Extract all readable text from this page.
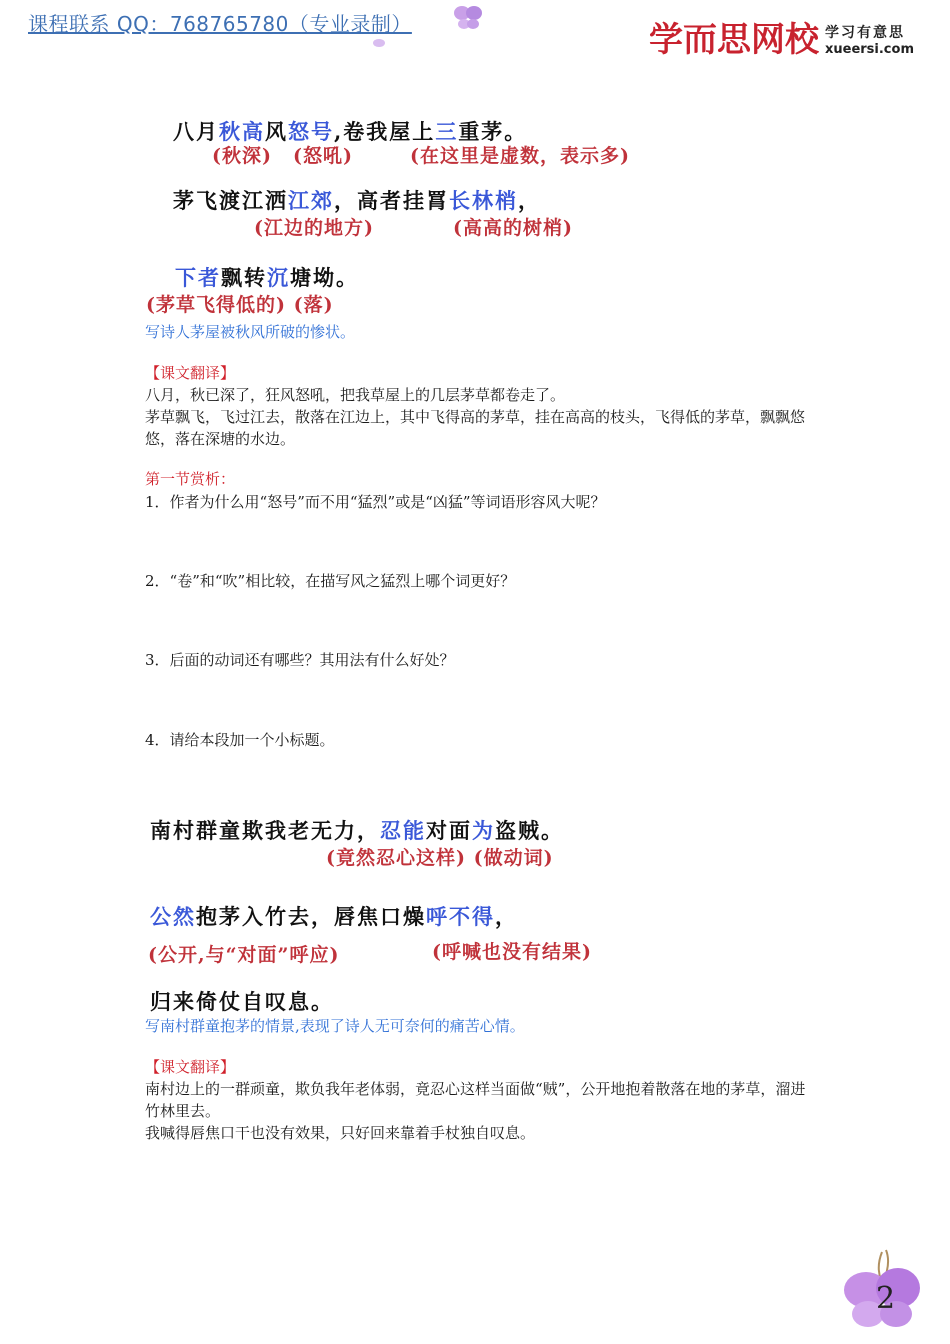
课程联系 QQ：768765780（专业录制）	学而思网校 学习有意思
xueersi.com
八月秋高风怒号,卷我屋上三重茅。
(秋深) (怒吼)	(在这里是虚数，表示多)
茅飞渡江洒江郊，高者挂罥长林梢，
(江边的地方)	(高高的树梢)
下者飘转沉塘坳。
(茅草飞得低的) (落)
写诗人茅屋被秋风所破的惨状。
【课文翻译】
八月，秋已深了，狂风怒吼，把我草屋上的几层茅草都卷走了。
茅草飘飞，飞过江去，散落在江边上，其中飞得高的茅草，挂在高高的枝头，飞得低的茅草，飘飘悠悠，落在深塘的水边。
第一节赏析：
1．作者为什么用“怒号”而不用“猛烈”或是“凶猛”等词语形容风大呢？
2．“卷”和“吹”相比较，在描写风之猛烈上哪个词更好？
3．后面的动词还有哪些？其用法有什么好处？
4．请给本段加一个小标题。
南村群童欺我老无力，忍能对面为盗贼。
(竟然忍心这样) (做动词)
公然抱茅入竹去，唇焦口燥呼不得，
(公开,与“对面”呼应)	(呼喊也没有结果)
归来倚仗自叹息。
写南村群童抱茅的情景,表现了诗人无可奈何的痛苦心情。
【课文翻译】
南村边上的一群顽童，欺负我年老体弱，竟忍心这样当面做“贼”，公开地抱着散落在地的茅草，溜进竹林里去。
我喊得唇焦口干也没有效果，只好回来靠着手杖独自叹息。
2
